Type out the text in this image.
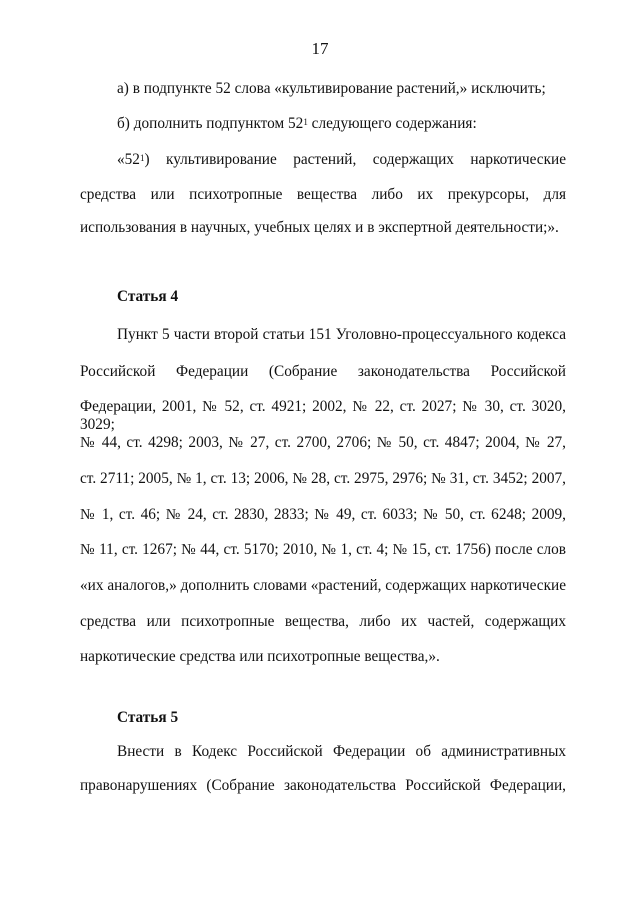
17
а) в подпункте 52 слова «культивирование растений,» исключить;
б) дополнить подпунктом $52^1$ следующего содержания:
«$52^1$) культивирование растений, содержащих наркотические
средства или психотропные вещества либо их прекурсоры, для
использования в научных, учебных целях и в экспертной деятельности;».
Статья 4
Пункт 5 части второй статьи 151 Уголовно-процессуального кодекса
Российской Федерации (Собрание законодательства Российской
Федерации, 2001, № 52, ст. 4921; 2002, № 22, ст. 2027; № 30, ст. 3020, 3029;
№ 44, ст. 4298; 2003, № 27, ст. 2700, 2706; № 50, ст. 4847; 2004, № 27,
ст. 2711; 2005, № 1, ст. 13; 2006, № 28, ст. 2975, 2976; № 31, ст. 3452; 2007,
№ 1, ст. 46; № 24, ст. 2830, 2833; № 49, ст. 6033; № 50, ст. 6248; 2009,
№ 11, ст. 1267; № 44, ст. 5170; 2010, № 1, ст. 4; № 15, ст. 1756) после слов
«их аналогов,» дополнить словами «растений, содержащих наркотические
средства или психотропные вещества, либо их частей, содержащих
наркотические средства или психотропные вещества,».
Статья 5
Внести в Кодекс Российской Федерации об административных
правонарушениях (Собрание законодательства Российской Федерации,
